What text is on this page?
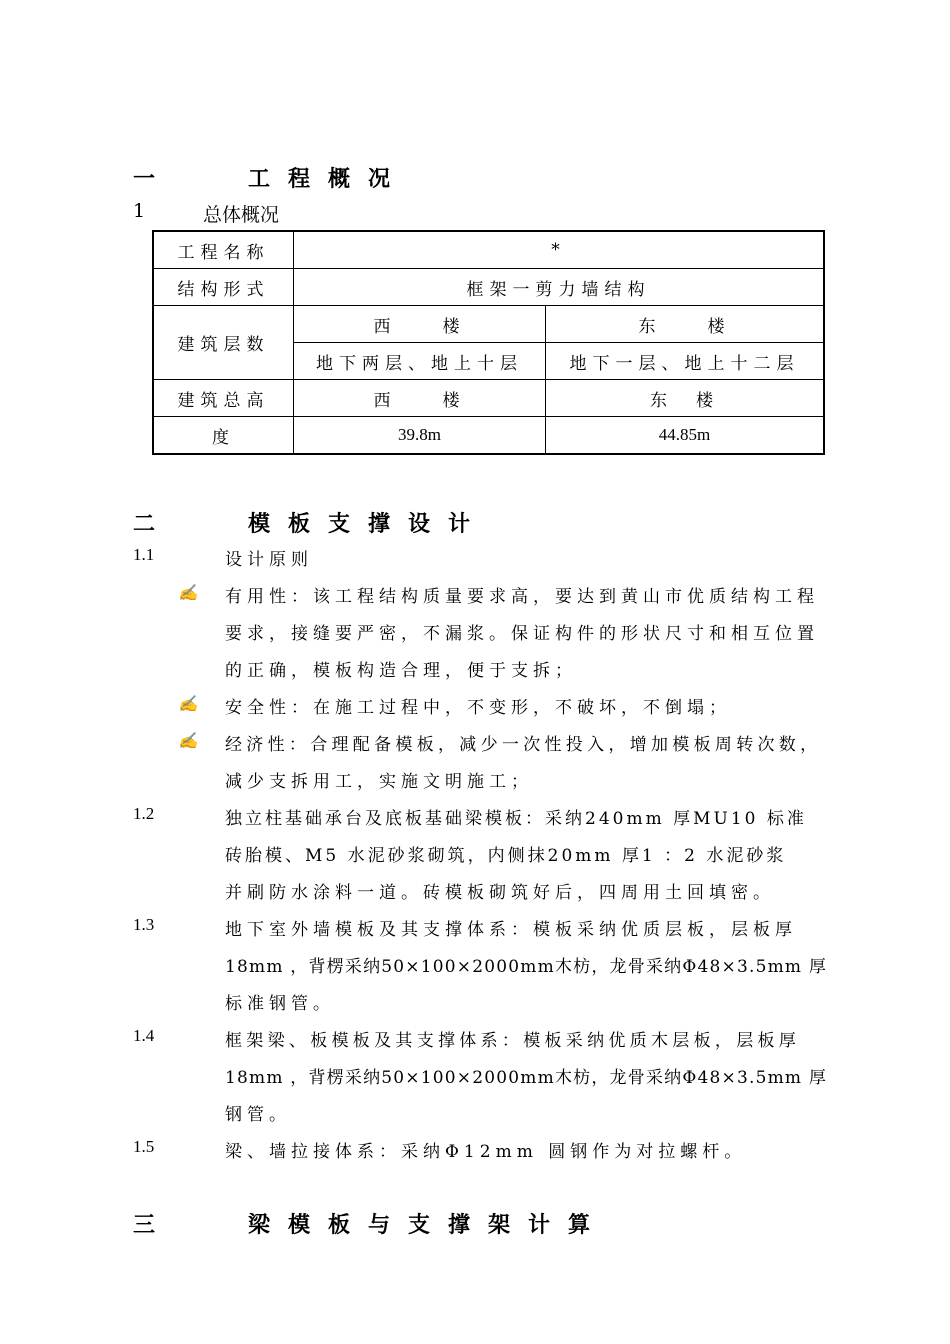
一	工程概况
1	总体概况
工程名称	*	
结构形式	框架一剪力墙结构	
建筑层数	西　　楼	东　　楼
	地下两层、地上十层	地下一层、地上十二层
建筑总高	西　　楼	东　楼
度	39.8m	44.85m
二	模板支撑设计
1.1	设计原则
✍ 有用性：该工程结构质量要求高，要达到黄山市优质结构工程
要求，接缝要严密，不漏浆。保证构件的形状尺寸和相互位置
的正确，模板构造合理，便于支拆；
✍ 安全性：在施工过程中，不变形，不破坏，不倒塌；
✍ 经济性：合理配备模板，减少一次性投入，增加模板周转次数，
减少支拆用工，实施文明施工；
1.2	独立柱基础承台及底板基础梁模板：采纳240mm 厚MU10 标准
砖胎模、M5 水泥砂浆砌筑，内侧抹20mm 厚1 ：2 水泥砂浆
并刷防水涂料一道。砖模板砌筑好后，四周用土回填密。
1.3	地下室外墙模板及其支撑体系：模板采纳优质层板，层板厚
18mm ，背楞采纳50×100×2000mm木枋，龙骨采纳Φ48×3.5mm 厚
标准钢管。
1.4	框架梁、板模板及其支撑体系：模板采纳优质木层板，层板厚
18mm ，背楞采纳50×100×2000mm木枋，龙骨采纳Φ48×3.5mm 厚
钢管。
1.5	梁、墙拉接体系：采纳Φ12mm 圆钢作为对拉螺杆。
三	梁模板与支撑架计算
